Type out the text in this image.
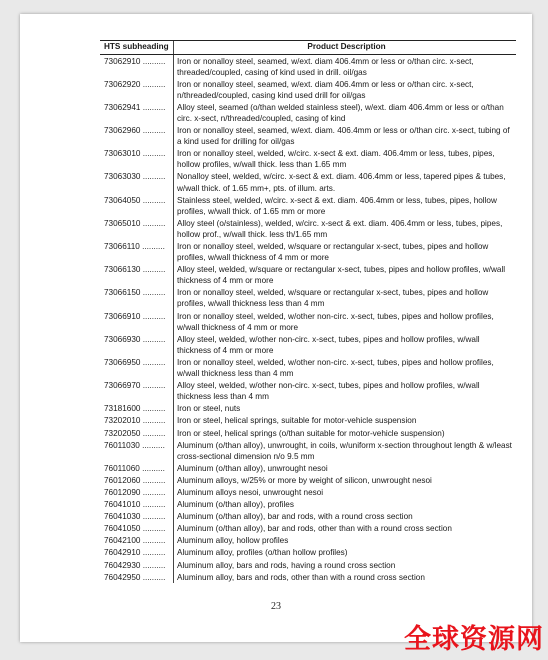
HTS subheading	Product Description
73062910 ..........	Iron or nonalloy steel, seamed, w/ext. diam 406.4mm or less or o/than circ. x-sect, threaded/coupled, casing of kind used in drill. oil/gas
73062920 ..........	Iron or nonalloy steel, seamed, w/ext. diam 406.4mm or less or o/than circ. x-sect, n/threaded/coupled, casing kind used drill for oil/gas
73062941 ..........	Alloy steel, seamed (o/than welded stainless steel), w/ext. diam 406.4mm or less or o/than circ. x-sect, n/threaded/coupled, casing of kind
73062960 ..........	Iron or nonalloy steel, seamed, w/ext. diam. 406.4mm or less or o/than circ. x-sect, tubing of a kind used for drilling for oil/gas
73063010 ..........	Iron or nonalloy steel, welded, w/circ. x-sect & ext. diam. 406.4mm or less, tubes, pipes, hollow profiles, w/wall thick. less than 1.65 mm
73063030 ..........	Nonalloy steel, welded, w/circ. x-sect & ext. diam. 406.4mm or less, tapered pipes & tubes, w/wall thick. of 1.65 mm+, pts. of illum. arts.
73064050 ..........	Stainless steel, welded, w/circ. x-sect & ext. diam. 406.4mm or less, tubes, pipes, hollow profiles, w/wall thick. of 1.65 mm or more
73065010 ..........	Alloy steel (o/stainless), welded, w/circ. x-sect & ext. diam. 406.4mm or less, tubes, pipes, hollow prof., w/wall thick. less th/1.65 mm
73066110 ..........	Iron or nonalloy steel, welded, w/square or rectangular x-sect, tubes, pipes and hollow profiles, w/wall thickness of 4 mm or more
73066130 ..........	Alloy steel, welded, w/square or rectangular x-sect, tubes, pipes and hollow profiles, w/wall thickness of 4 mm or more
73066150 ..........	Iron or nonalloy steel, welded, w/square or rectangular x-sect, tubes, pipes and hollow profiles, w/wall thickness less than 4 mm
73066910 ..........	Iron or nonalloy steel, welded, w/other non-circ. x-sect, tubes, pipes and hollow profiles, w/wall thickness of 4 mm or more
73066930 ..........	Alloy steel, welded, w/other non-circ. x-sect, tubes, pipes and hollow profiles, w/wall thickness of 4 mm or more
73066950 ..........	Iron or nonalloy steel, welded, w/other non-circ. x-sect, tubes, pipes and hollow profiles, w/wall thickness less than 4 mm
73066970 ..........	Alloy steel, welded, w/other non-circ. x-sect, tubes, pipes and hollow profiles, w/wall thickness less than 4 mm
73181600 ..........	Iron or steel, nuts
73202010 ..........	Iron or steel, helical springs, suitable for motor-vehicle suspension
73202050 ..........	Iron or steel, helical springs (o/than suitable for motor-vehicle suspension)
76011030 ..........	Aluminum (o/than alloy), unwrought, in coils, w/uniform x-section throughout length & w/least cross-sectional dimension n/o 9.5 mm
76011060 ..........	Aluminum (o/than alloy), unwrought nesoi
76012060 ..........	Aluminum alloys, w/25% or more by weight of silicon, unwrought nesoi
76012090 ..........	Aluminum alloys nesoi, unwrought nesoi
76041010 ..........	Aluminum (o/than alloy), profiles
76041030 ..........	Aluminum (o/than alloy), bar and rods, with a round cross section
76041050 ..........	Aluminum (o/than alloy), bar and rods, other than with a round cross section
76042100 ..........	Aluminum alloy, hollow profiles
76042910 ..........	Aluminum alloy, profiles (o/than hollow profiles)
76042930 ..........	Aluminum alloy, bars and rods, having a round cross section
76042950 ..........	Aluminum alloy, bars and rods, other than with a round cross section
23
全球资源网
